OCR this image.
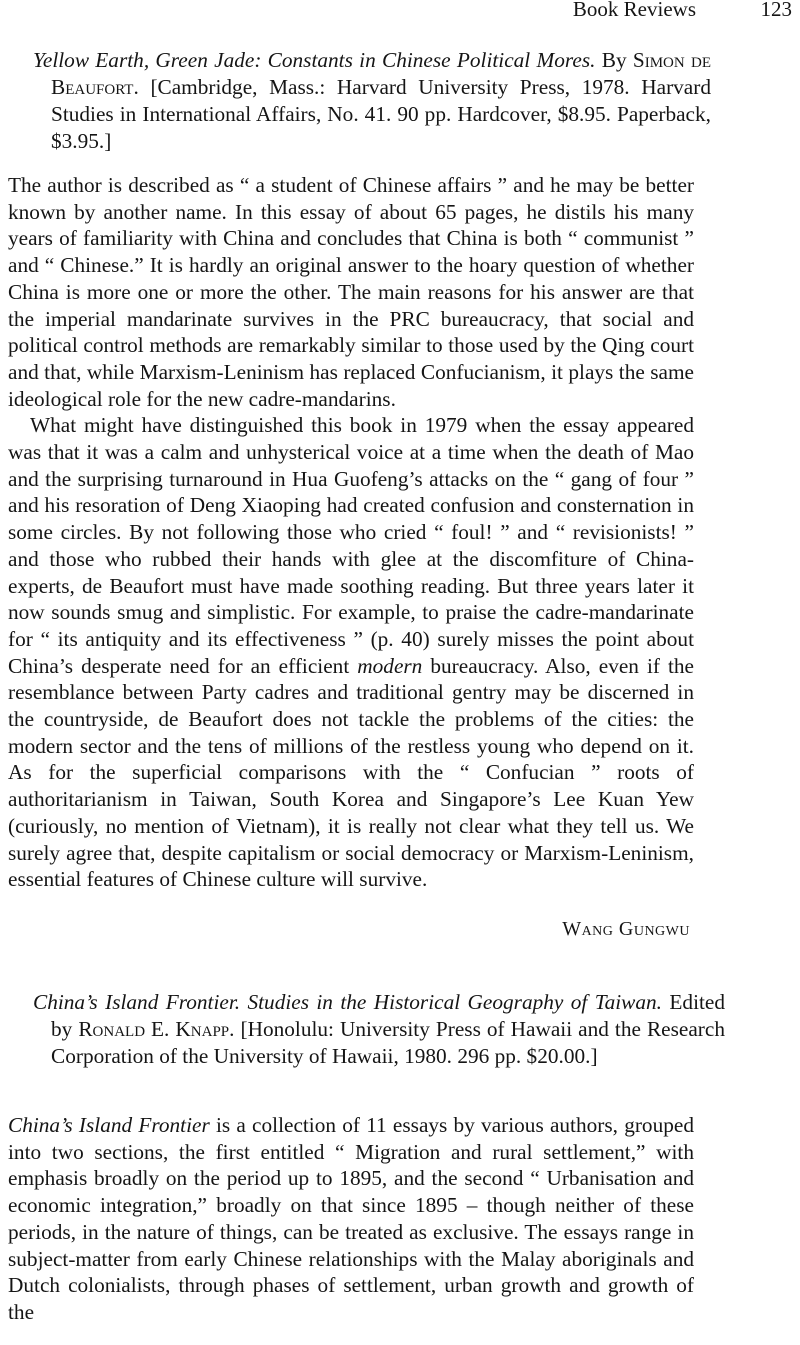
Book Reviews	123
Yellow Earth, Green Jade: Constants in Chinese Political Mores. By Simon de Beaufort. [Cambridge, Mass.: Harvard University Press, 1978. Harvard Studies in International Affairs, No. 41. 90 pp. Hardcover, $8.95. Paperback, $3.95.]

The author is described as “ a student of Chinese affairs ” and he may be better known by another name. In this essay of about 65 pages, he distils his many years of familiarity with China and concludes that China is both “ communist ” and “ Chinese.” It is hardly an original answer to the hoary question of whether China is more one or more the other. The main reasons for his answer are that the imperial mandarinate survives in the PRC bureaucracy, that social and political control methods are remarkably similar to those used by the Qing court and that, while Marxism-Leninism has replaced Confucianism, it plays the same ideological role for the new cadre-mandarins.

What might have distinguished this book in 1979 when the essay appeared was that it was a calm and unhysterical voice at a time when the death of Mao and the surprising turnaround in Hua Guofeng’s attacks on the “ gang of four ” and his resoration of Deng Xiaoping had created confusion and consternation in some circles. By not following those who cried “ foul! ” and “ revisionists! ” and those who rubbed their hands with glee at the discomfiture of China-experts, de Beaufort must have made soothing reading. But three years later it now sounds smug and simplistic. For example, to praise the cadre-mandarinate for “ its antiquity and its effectiveness ” (p. 40) surely misses the point about China’s desperate need for an efficient modern bureaucracy. Also, even if the resemblance between Party cadres and traditional gentry may be discerned in the countryside, de Beaufort does not tackle the problems of the cities: the modern sector and the tens of millions of the restless young who depend on it. As for the superficial comparisons with the “ Confucian ” roots of authoritarianism in Taiwan, South Korea and Singapore’s Lee Kuan Yew (curiously, no mention of Vietnam), it is really not clear what they tell us. We surely agree that, despite capitalism or social democracy or Marxism-Leninism, essential features of Chinese culture will survive.

Wang Gungwu
China’s Island Frontier. Studies in the Historical Geography of Taiwan. Edited by Ronald E. Knapp. [Honolulu: University Press of Hawaii and the Research Corporation of the University of Hawaii, 1980. 296 pp. $20.00.]

China’s Island Frontier is a collection of 11 essays by various authors, grouped into two sections, the first entitled “ Migration and rural settlement,” with emphasis broadly on the period up to 1895, and the second “ Urbanisation and economic integration,” broadly on that since 1895 – though neither of these periods, in the nature of things, can be treated as exclusive. The essays range in subject-matter from early Chinese relationships with the Malay aboriginals and Dutch colonialists, through phases of settlement, urban growth and growth of the
